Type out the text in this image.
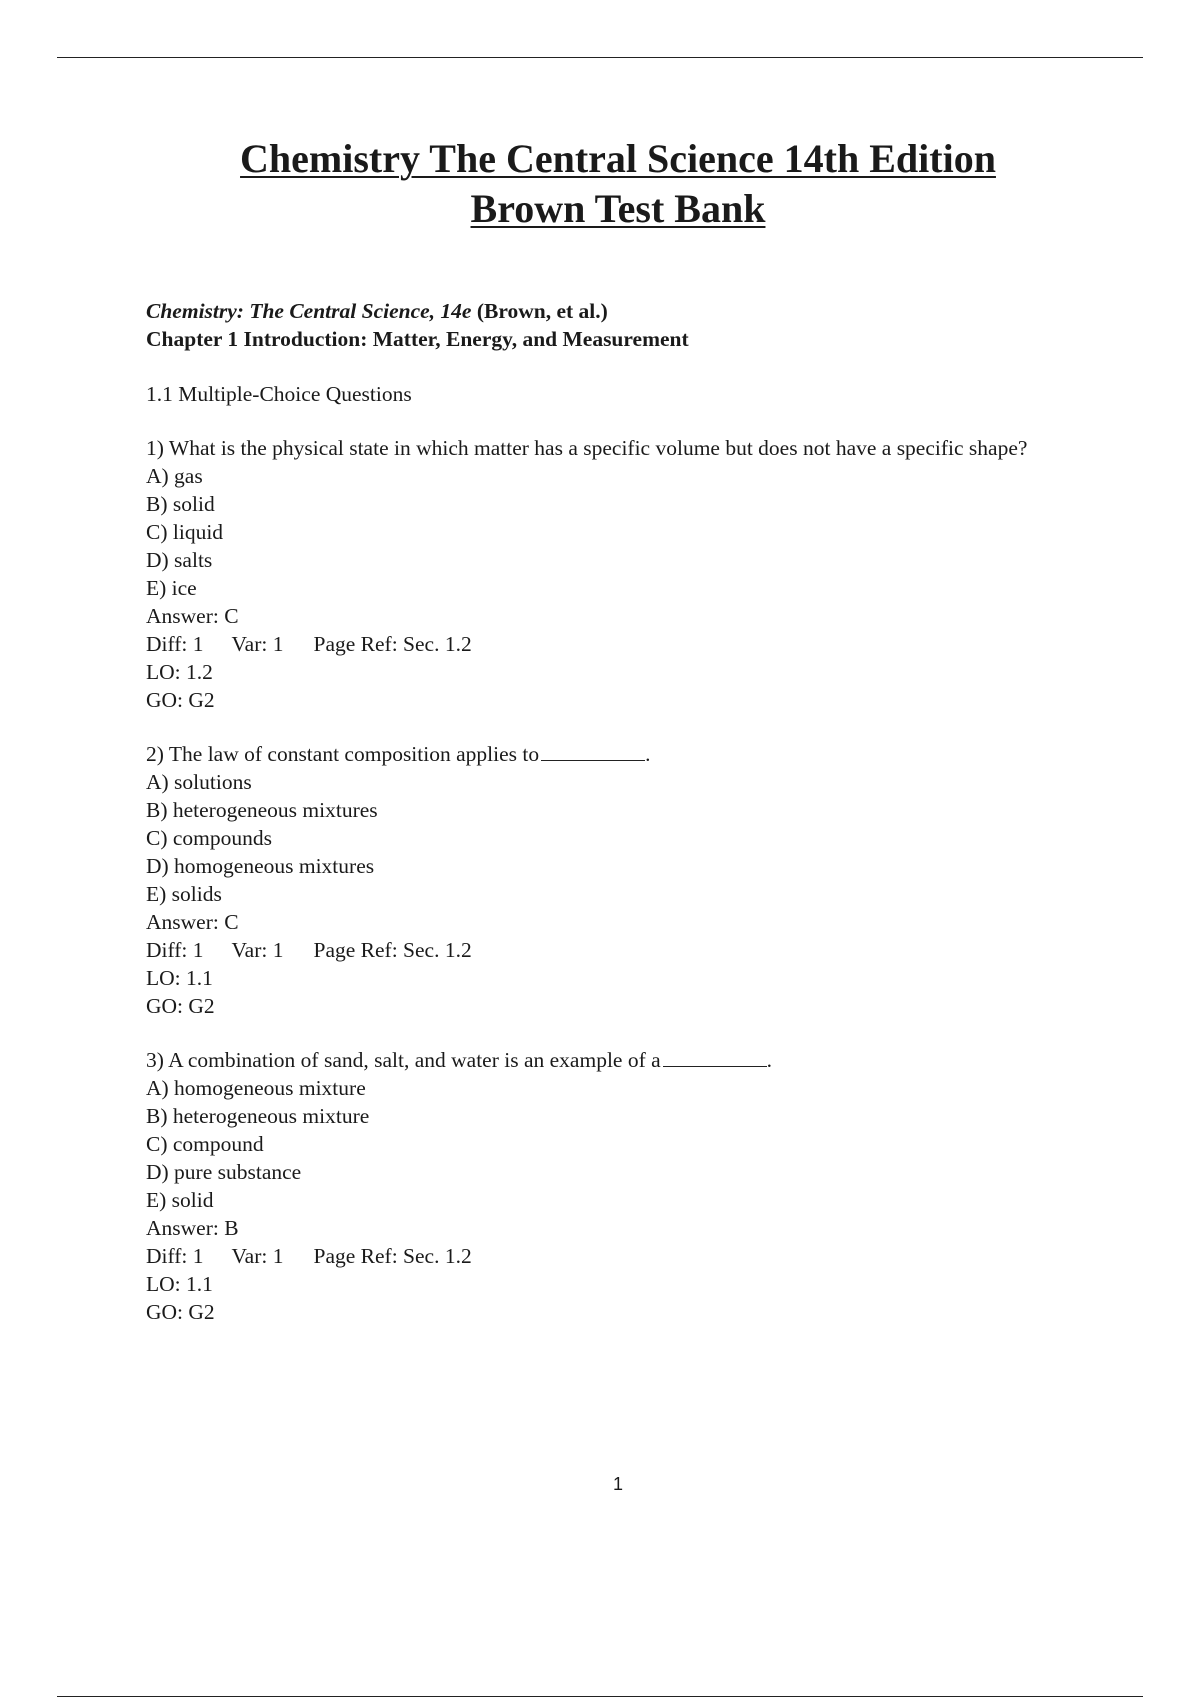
Chemistry The Central Science 14th Edition
Brown Test Bank

Chemistry: The Central Science, 14e (Brown, et al.)

Chapter 1 Introduction: Matter, Energy, and Measurement

1.1 Multiple-Choice Questions

1) What is the physical state in which matter has a specific volume but does not have a specific shape?

A) gas

B) solid

C) liquid

D) salts

E) ice

Answer: C

Diff: 1 Var: 1 Page Ref: Sec. 1.2

LO: 1.2

GO: G2

2) The law of constant composition applies to	.

A) solutions

B) heterogeneous mixtures

C) compounds

D) homogeneous mixtures

E) solids

Answer: C

Diff: 1 Var: 1 Page Ref: Sec. 1.2

LO: 1.1

GO: G2

3) A combination of sand, salt, and water is an example of a	.

A) homogeneous mixture

B) heterogeneous mixture

C) compound

D) pure substance

E) solid

Answer: B

Diff: 1 Var: 1 Page Ref: Sec. 1.2

LO: 1.1

GO: G2

1
